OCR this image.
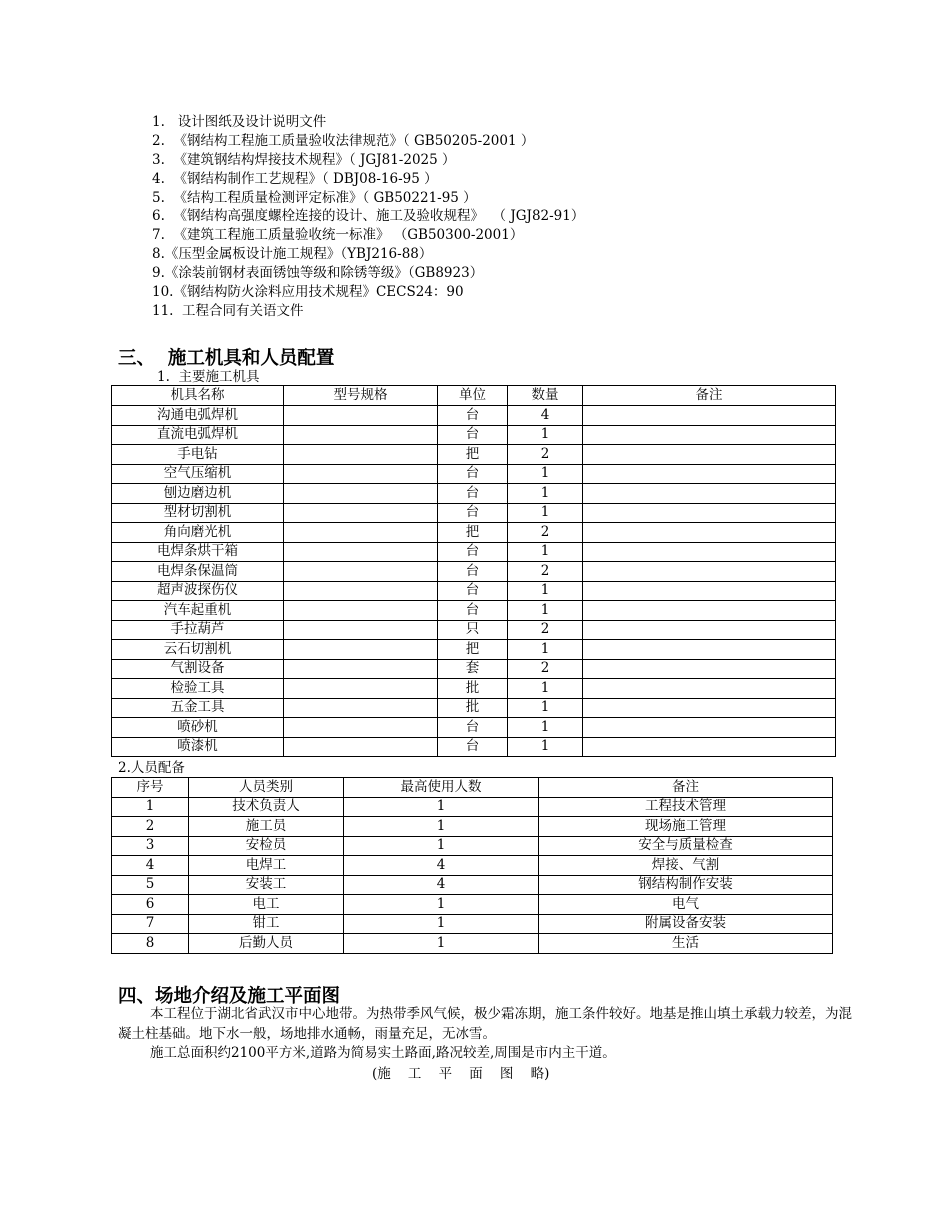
1.   设计图纸及设计说明文件
2.  《钢结构工程施工质量验收法律规范》（ GB50205-2001 ）
3.  《建筑钢结构焊接技术规程》（ JGJ81-2025 ）
4.  《钢结构制作工艺规程》（ DBJ08-16-95 ）
5.  《结构工程质量检测评定标准》（ GB50221-95 ）
6.  《钢结构高强度螺栓连接的设计、施工及验收规程》  （ JGJ82-91）
7.  《建筑工程施工质量验收统一标准》 （GB50300-2001）
8.《压型金属板设计施工规程》（YBJ216-88）
9.《涂装前钢材表面锈蚀等级和除锈等级》（GB8923）
10.《钢结构防火涂料应用技术规程》CECS24：90
11.  工程合同有关语文件
三、  施工机具和人员配置
1.  主要施工机具
机具名称	型号规格	单位	数量	备注
沟通电弧焊机		台	4	
直流电弧焊机		台	1	
手电钻		把	2	
空气压缩机		台	1	
刨边磨边机		台	1	
型材切割机		台	1	
角向磨光机		把	2	
电焊条烘干箱		台	1	
电焊条保温筒		台	2	
超声波探伤仪		台	1	
汽车起重机		台	1	
手拉葫芦		只	2	
云石切割机		把	1	
气割设备		套	2	
检验工具		批	1	
五金工具		批	1	
喷砂机		台	1	
喷漆机		台	1	
2.人员配备
序号	人员类别	最高使用人数	备注
1	技术负责人	1	工程技术管理
2	施工员	1	现场施工管理
3	安检员	1	安全与质量检查
4	电焊工	4	焊接、气割
5	安装工	4	钢结构制作安装
6	电工	1	电气
7	钳工	1	附属设备安装
8	后勤人员	1	生活
四、场地介绍及施工平面图
本工程位于湖北省武汉市中心地带。为热带季风气候，极少霜冻期，施工条件较好。地基是推山填土承载力较差，为混凝土柱基础。地下水一般，场地排水通畅，雨量充足，无冰雪。
施工总面积约2100平方米,道路为简易实土路面,路况较差,周围是市内主干道。
(施    工    平    面    图    略)
